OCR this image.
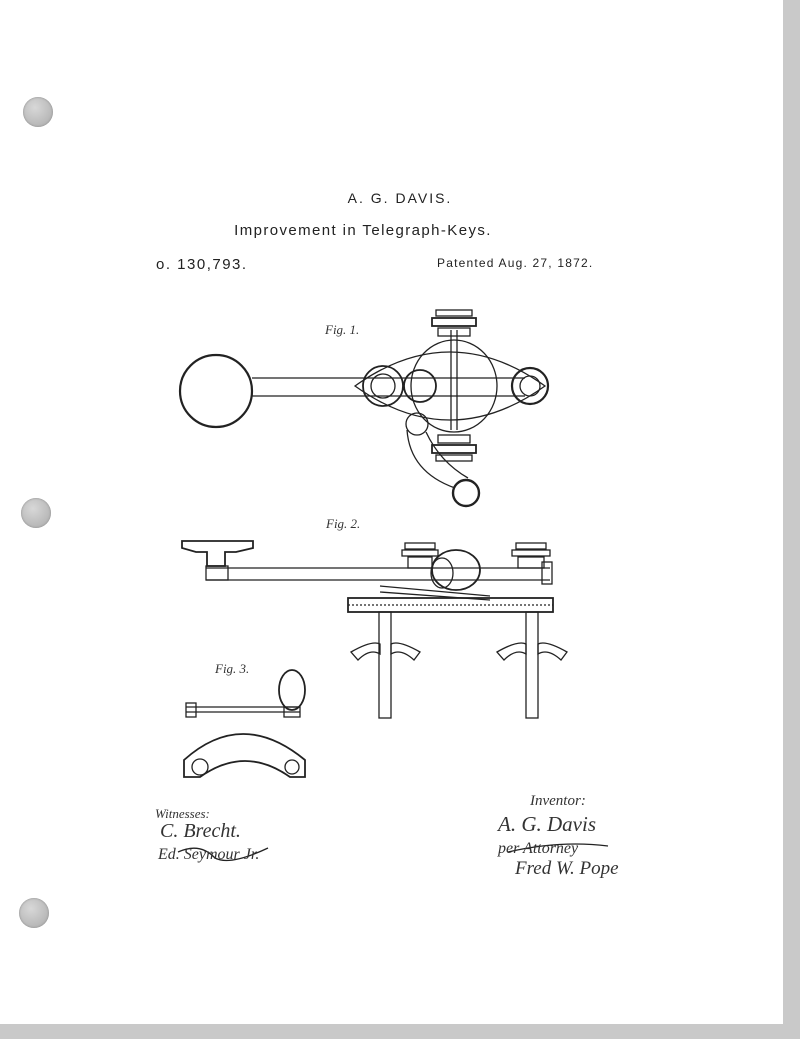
A. G. DAVIS.
Improvement in Telegraph-Keys.
o. 130,793.	Patented Aug. 27, 1872.
Fig. 1.
Fig. 2.
Fig. 3.
Witnesses:
C. Brecht.
Ed. Seymour Jr.
Inventor:
A. G. Davis
per Attorney
Fred W. Pope
